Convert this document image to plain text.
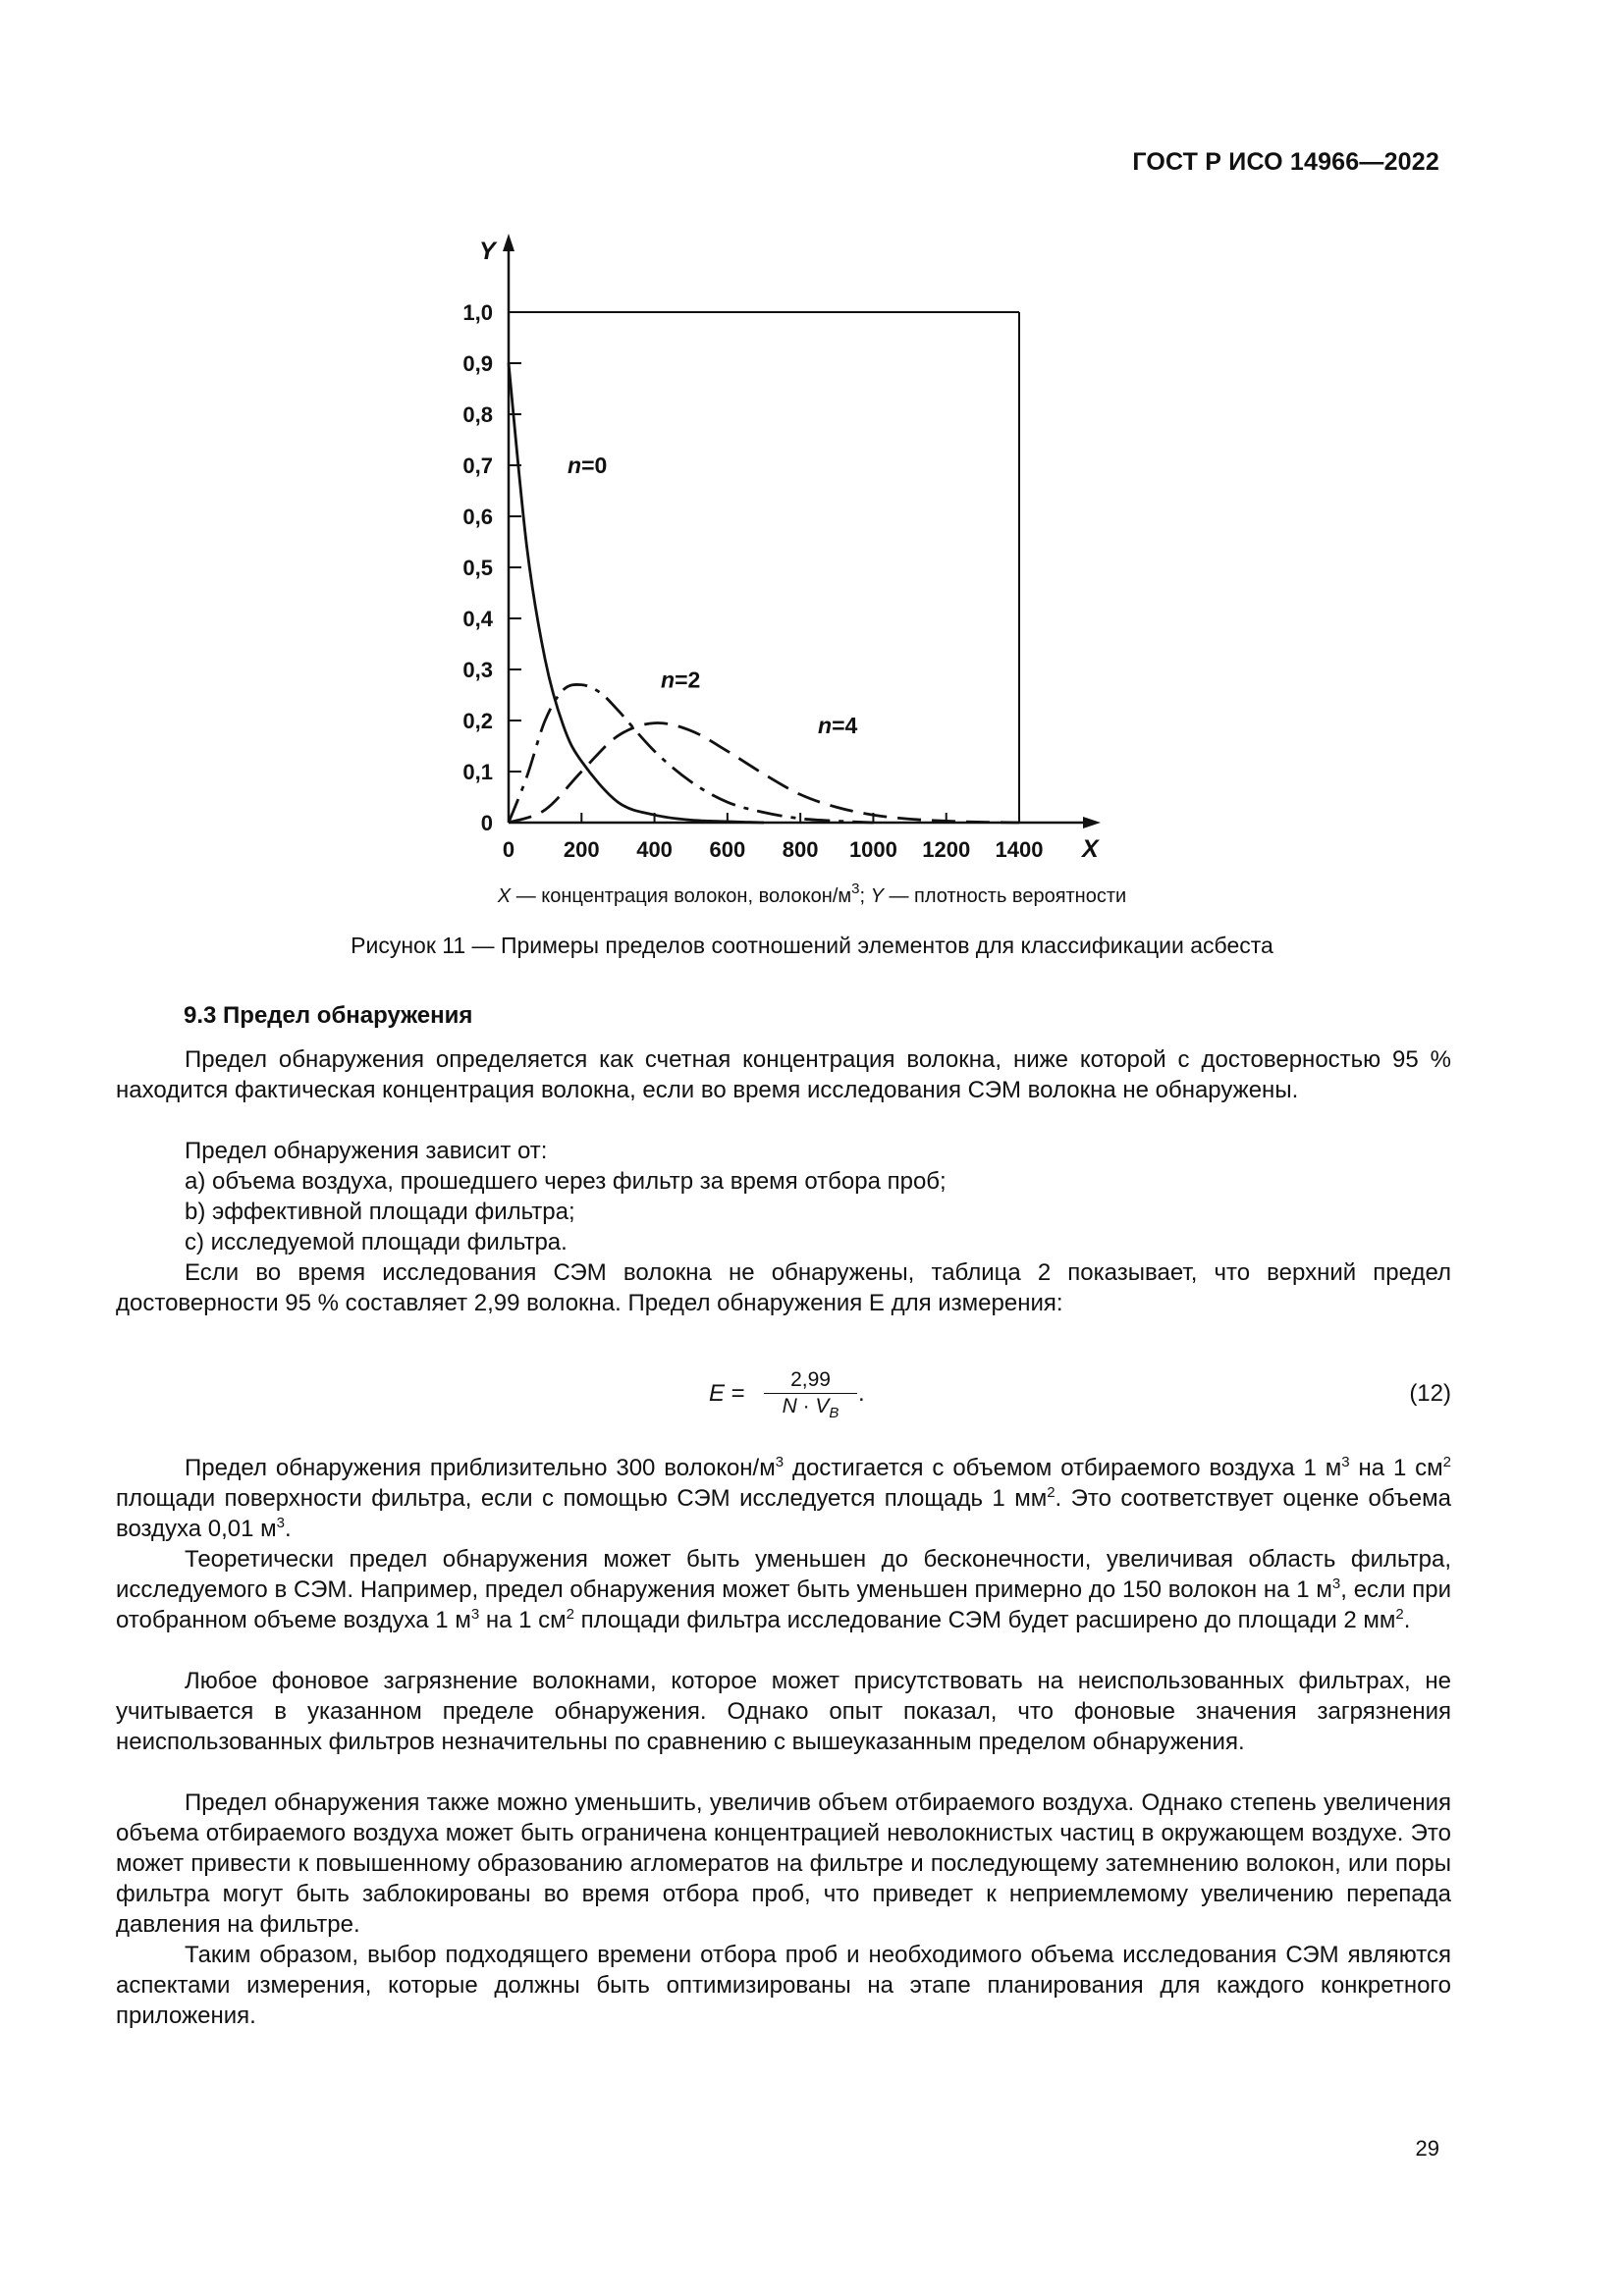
ГОСТ Р ИСО 14966—2022
0
0,1
0,2
0,3
0,4
0,5
0,6
0,7
0,8
0,9
1,0
0 200 400 600 800 1000 1200 1400
Y
X
n=0
n=2
n=4
X — концентрация волокон, волокон/$м^3$; Y — плотность вероятности
Рисунок 11 — Примеры пределов соотношений элементов для классификации асбеста
9.3 Предел обнаружения

Предел обнаружения определяется как счетная концентрация волокна, ниже которой с достоверностью 95 % находится фактическая концентрация волокна, если во время исследования СЭМ волокна не обнаружены.

Предел обнаружения зависит от:

а) объема воздуха, прошедшего через фильтр за время отбора проб;

b) эффективной площади фильтра;

c) исследуемой площади фильтра.

Если во время исследования СЭМ волокна не обнаружены, таблица 2 показывает, что верхний предел достоверности 95 % составляет 2,99 волокна. Предел обнаружения Е для измерения:

$E = \frac{2,99}{N \cdot V_B}$ .	(12)

Предел обнаружения приблизительно 300 волокон/$м^3$ достигается с объемом отбираемого воздуха 1 $м^3$ на 1 $см^2$ площади поверхности фильтра, если с помощью СЭМ исследуется площадь 1 $мм^2$. Это соответствует оценке объема воздуха 0,01 $м^3$.

Теоретически предел обнаружения может быть уменьшен до бесконечности, увеличивая область фильтра, исследуемого в СЭМ. Например, предел обнаружения может быть уменьшен примерно до 150 волокон на 1 $м^3$, если при отобранном объеме воздуха 1 $м^3$ на 1 $см^2$ площади фильтра исследование СЭМ будет расширено до площади 2 $мм^2$.

Любое фоновое загрязнение волокнами, которое может присутствовать на неиспользованных фильтрах, не учитывается в указанном пределе обнаружения. Однако опыт показал, что фоновые значения загрязнения неиспользованных фильтров незначительны по сравнению с вышеуказанным пределом обнаружения.

Предел обнаружения также можно уменьшить, увеличив объем отбираемого воздуха. Однако степень увеличения объема отбираемого воздуха может быть ограничена концентрацией неволокнистых частиц в окружающем воздухе. Это может привести к повышенному образованию агломератов на фильтре и последующему затемнению волокон, или поры фильтра могут быть заблокированы во время отбора проб, что приведет к неприемлемому увеличению перепада давления на фильтре.

Таким образом, выбор подходящего времени отбора проб и необходимого объема исследования СЭМ являются аспектами измерения, которые должны быть оптимизированы на этапе планирования для каждого конкретного приложения.

29
